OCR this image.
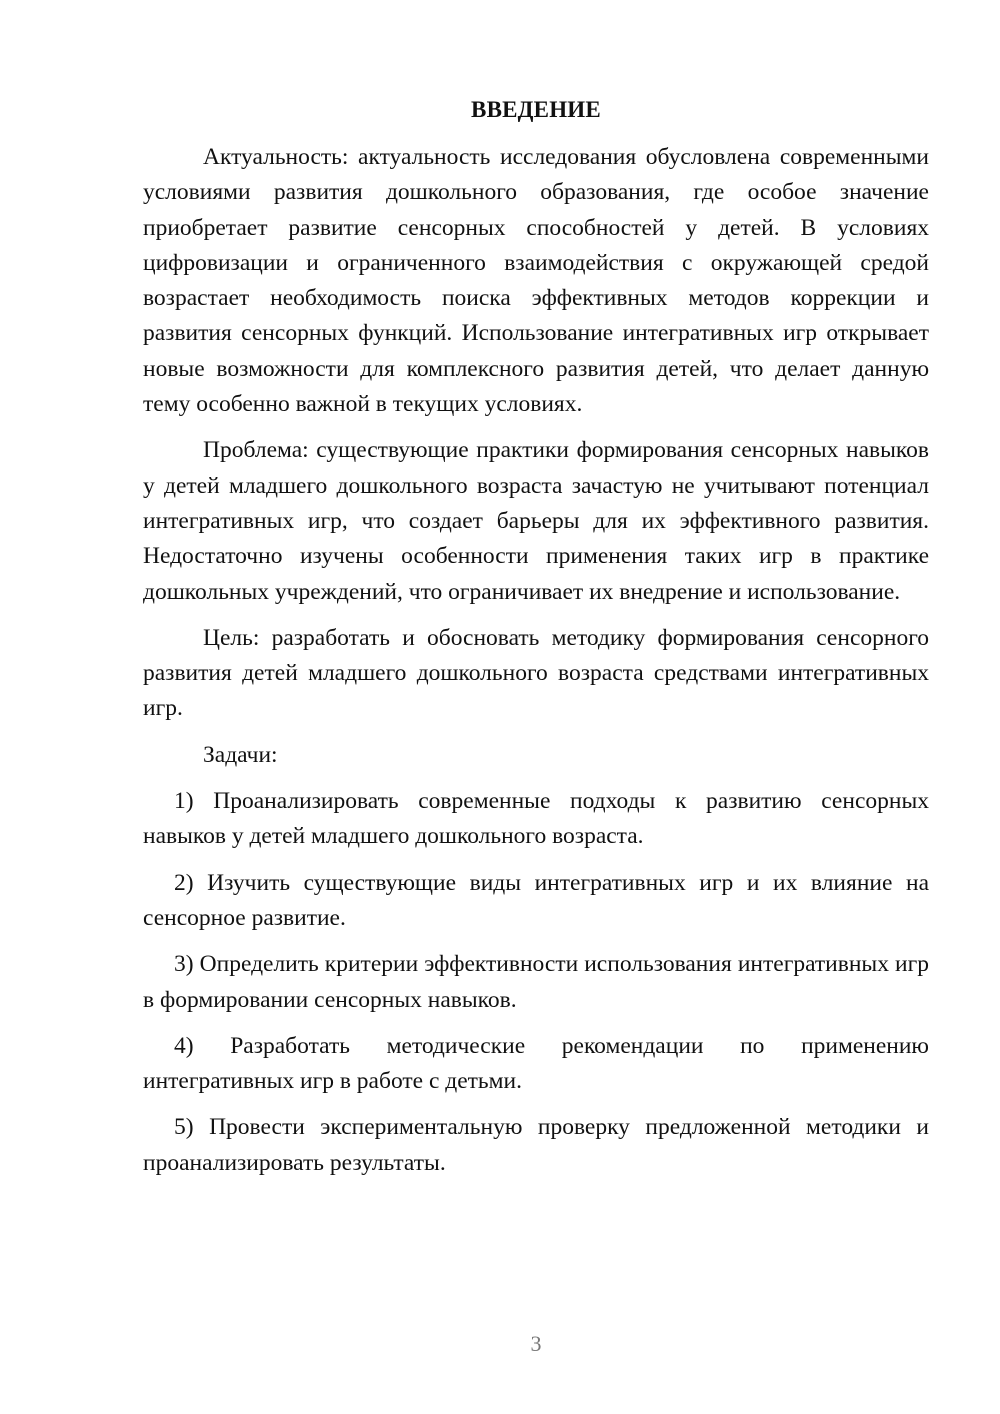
ВВЕДЕНИЕ

Актуальность: актуальность исследования обусловлена современными условиями развития дошкольного образования, где особое значение приобретает развитие сенсорных способностей у детей. В условиях цифровизации и ограниченного взаимодействия с окружающей средой возрастает необходимость поиска эффективных методов коррекции и развития сенсорных функций. Использование интегративных игр открывает новые возможности для комплексного развития детей, что делает данную тему особенно важной в текущих условиях.

Проблема: существующие практики формирования сенсорных навыков у детей младшего дошкольного возраста зачастую не учитывают потенциал интегративных игр, что создает барьеры для их эффективного развития. Недостаточно изучены особенности применения таких игр в практике дошкольных учреждений, что ограничивает их внедрение и использование.

Цель: разработать и обосновать методику формирования сенсорного развития детей младшего дошкольного возраста средствами интегративных игр.

Задачи:

1) Проанализировать современные подходы к развитию сенсорных навыков у детей младшего дошкольного возраста.

2) Изучить существующие виды интегративных игр и их влияние на сенсорное развитие.

3) Определить критерии эффективности использования интегративных игр в формировании сенсорных навыков.

4) Разработать методические рекомендации по применению интегративных игр в работе с детьми.

5) Провести экспериментальную проверку предложенной методики и проанализировать результаты.

3
